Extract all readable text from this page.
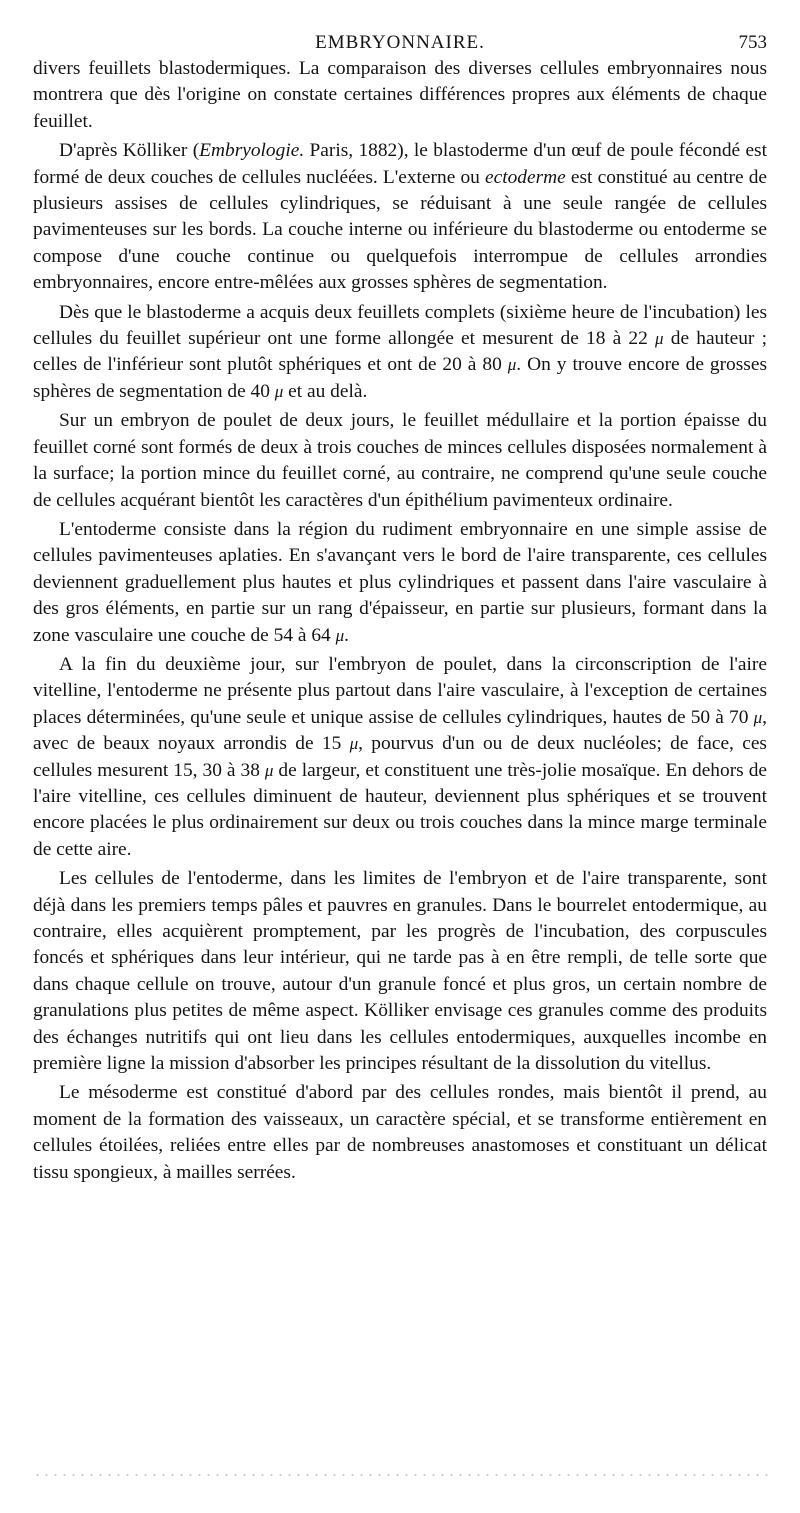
EMBRYONNAIRE.	753

divers feuillets blastodermiques. La comparaison des diverses cellules embryonnaires nous montrera que dès l'origine on constate certaines différences propres aux éléments de chaque feuillet.

D'après Kölliker (Embryologie. Paris, 1882), le blastoderme d'un œuf de poule fécondé est formé de deux couches de cellules nucléées. L'externe ou ectoderme est constitué au centre de plusieurs assises de cellules cylindriques, se réduisant à une seule rangée de cellules pavimenteuses sur les bords. La couche interne ou inférieure du blastoderme ou entoderme se compose d'une couche continue ou quelquefois interrompue de cellules arrondies embryonnaires, encore entre-mêlées aux grosses sphères de segmentation.

Dès que le blastoderme a acquis deux feuillets complets (sixième heure de l'incubation) les cellules du feuillet supérieur ont une forme allongée et mesurent de 18 à 22 μ de hauteur ; celles de l'inférieur sont plutôt sphériques et ont de 20 à 80 μ. On y trouve encore de grosses sphères de segmentation de 40 μ et au delà.

Sur un embryon de poulet de deux jours, le feuillet médullaire et la portion épaisse du feuillet corné sont formés de deux à trois couches de minces cellules disposées normalement à la surface; la portion mince du feuillet corné, au contraire, ne comprend qu'une seule couche de cellules acquérant bientôt les caractères d'un épithélium pavimenteux ordinaire.

L'entoderme consiste dans la région du rudiment embryonnaire en une simple assise de cellules pavimenteuses aplaties. En s'avançant vers le bord de l'aire transparente, ces cellules deviennent graduellement plus hautes et plus cylindriques et passent dans l'aire vasculaire à des gros éléments, en partie sur un rang d'épaisseur, en partie sur plusieurs, formant dans la zone vasculaire une couche de 54 à 64 μ.

A la fin du deuxième jour, sur l'embryon de poulet, dans la circonscription de l'aire vitelline, l'entoderme ne présente plus partout dans l'aire vasculaire, à l'exception de certaines places déterminées, qu'une seule et unique assise de cellules cylindriques, hautes de 50 à 70 μ, avec de beaux noyaux arrondis de 15 μ, pourvus d'un ou de deux nucléoles; de face, ces cellules mesurent 15, 30 à 38 μ de largeur, et constituent une très-jolie mosaïque. En dehors de l'aire vitelline, ces cellules diminuent de hauteur, deviennent plus sphériques et se trouvent encore placées le plus ordinairement sur deux ou trois couches dans la mince marge terminale de cette aire.

Les cellules de l'entoderme, dans les limites de l'embryon et de l'aire transparente, sont déjà dans les premiers temps pâles et pauvres en granules. Dans le bourrelet entodermique, au contraire, elles acquièrent promptement, par les progrès de l'incubation, des corpuscules foncés et sphériques dans leur intérieur, qui ne tarde pas à en être rempli, de telle sorte que dans chaque cellule on trouve, autour d'un granule foncé et plus gros, un certain nombre de granulations plus petites de même aspect. Kölliker envisage ces granules comme des produits des échanges nutritifs qui ont lieu dans les cellules entodermiques, auxquelles incombe en première ligne la mission d'absorber les principes résultant de la dissolution du vitellus.

Le mésoderme est constitué d'abord par des cellules rondes, mais bientôt il prend, au moment de la formation des vaisseaux, un caractère spécial, et se transforme entièrement en cellules étoilées, reliées entre elles par de nombreuses anastomoses et constituant un délicat tissu spongieux, à mailles serrées.
